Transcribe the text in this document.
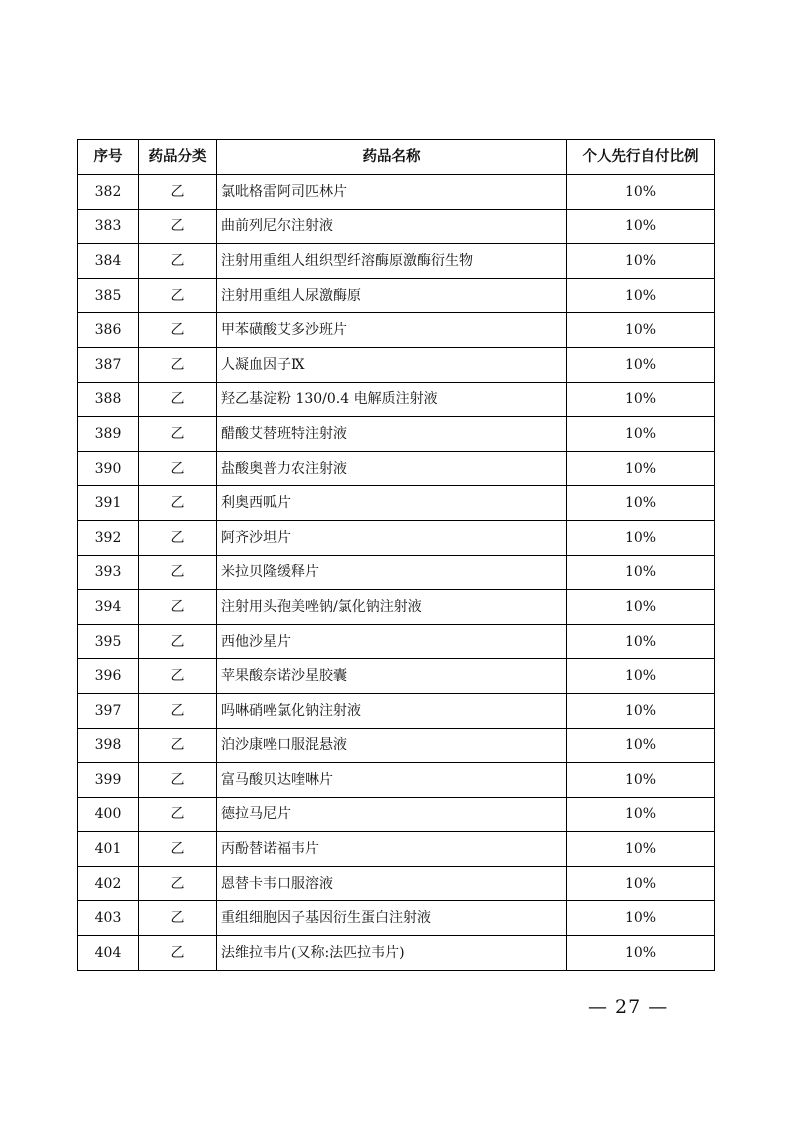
序号	药品分类	药品名称	个人先行自付比例
382	乙	氯吡格雷阿司匹林片	10%
383	乙	曲前列尼尔注射液	10%
384	乙	注射用重组人组织型纤溶酶原激酶衍生物	10%
385	乙	注射用重组人尿激酶原	10%
386	乙	甲苯磺酸艾多沙班片	10%
387	乙	人凝血因子Ⅸ	10%
388	乙	羟乙基淀粉 130/0.4 电解质注射液	10%
389	乙	醋酸艾替班特注射液	10%
390	乙	盐酸奥普力农注射液	10%
391	乙	利奥西呱片	10%
392	乙	阿齐沙坦片	10%
393	乙	米拉贝隆缓释片	10%
394	乙	注射用头孢美唑钠/氯化钠注射液	10%
395	乙	西他沙星片	10%
396	乙	苹果酸奈诺沙星胶囊	10%
397	乙	吗啉硝唑氯化钠注射液	10%
398	乙	泊沙康唑口服混悬液	10%
399	乙	富马酸贝达喹啉片	10%
400	乙	德拉马尼片	10%
401	乙	丙酚替诺福韦片	10%
402	乙	恩替卡韦口服溶液	10%
403	乙	重组细胞因子基因衍生蛋白注射液	10%
404	乙	法维拉韦片(又称:法匹拉韦片)	10%
— 27 —
